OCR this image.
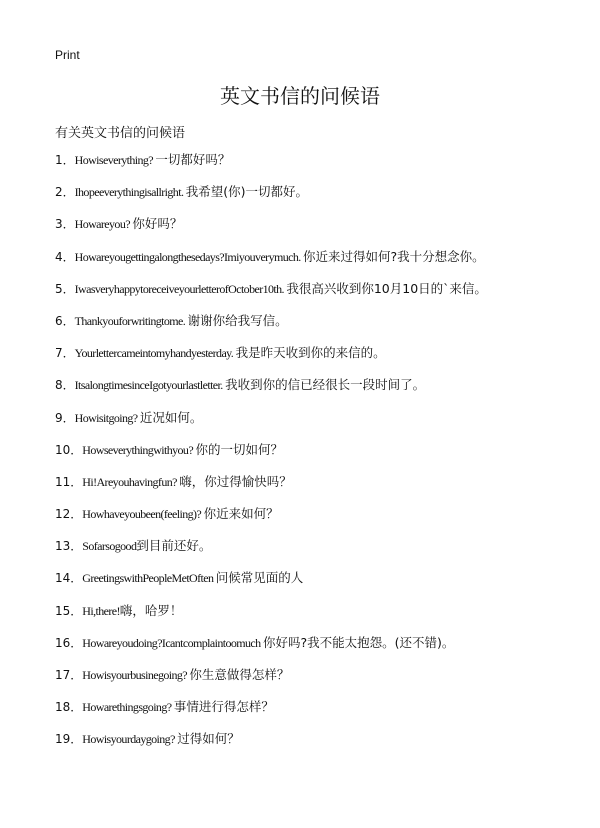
Print
英文书信的问候语
有关英文书信的问候语
1．Howiseverything? 一切都好吗？
2．Ihopeeverythingisallright. 我希望(你)一切都好。
3．Howareyou? 你好吗？
4．Howareyougettingalongthesedays?Imiyouverymuch. 你近来过得如何?我十分想念你。
5．IwasveryhappytoreceiveyourletterofOctober10th. 我很高兴收到你10月10日的`来信。
6．Thankyouforwritingtome. 谢谢你给我写信。
7．Yourlettercameintomyhandyesterday. 我是昨天收到你的来信的。
8．ItsalongtimesinceIgotyourlastletter. 我收到你的信已经很长一段时间了。
9．Howisitgoing? 近况如何。
10．Howseverythingwithyou? 你的一切如何？
11．Hi!Areyouhavingfun? 嗨，你过得愉快吗？
12．Howhaveyoubeen(feeling)? 你近来如何？
13．Sofarsogood到目前还好。
14．GreetingswithPeopleMetOften 问候常见面的人
15．Hi,there!嗨，哈罗！
16．Howareyoudoing?Icantcomplaintoomuch 你好吗?我不能太抱怨。(还不错)。
17．Howisyourbusinegoing? 你生意做得怎样？
18．Howarethingsgoing? 事情进行得怎样？
19．Howisyourdaygoing? 过得如何？
